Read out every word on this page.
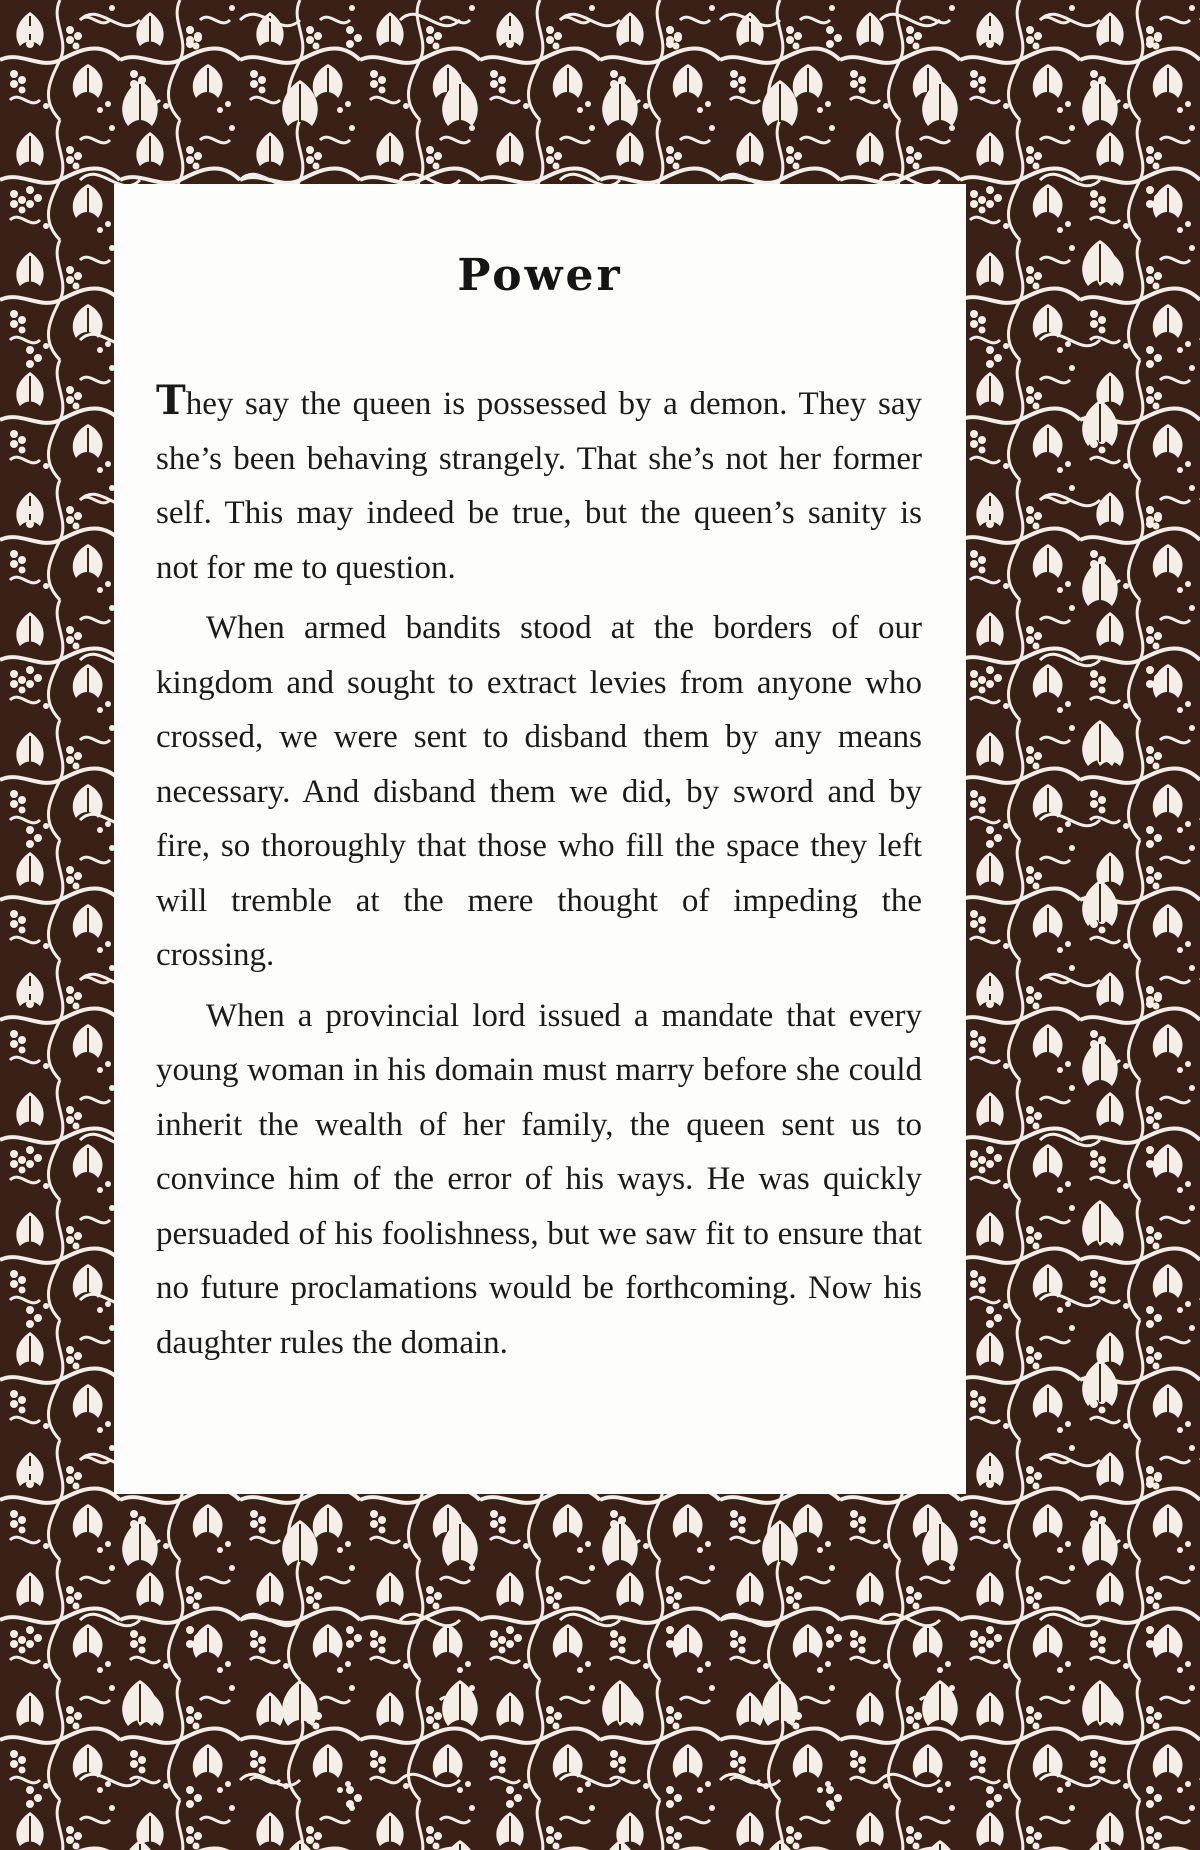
Power

They say the queen is possessed by a demon. They say she’s been behaving strangely. That she’s not her former self. This may indeed be true, but the queen’s sanity is not for me to question.

When armed bandits stood at the borders of our kingdom and sought to extract levies from anyone who crossed, we were sent to disband them by any means necessary. And disband them we did, by sword and by fire, so thoroughly that those who fill the space they left will tremble at the mere thought of impeding the crossing.

When a provincial lord issued a mandate that every young woman in his domain must marry before she could inherit the wealth of her family, the queen sent us to convince him of the error of his ways. He was quickly persuaded of his foolishness, but we saw fit to ensure that no future proclamations would be forthcoming. Now his daughter rules the domain.
